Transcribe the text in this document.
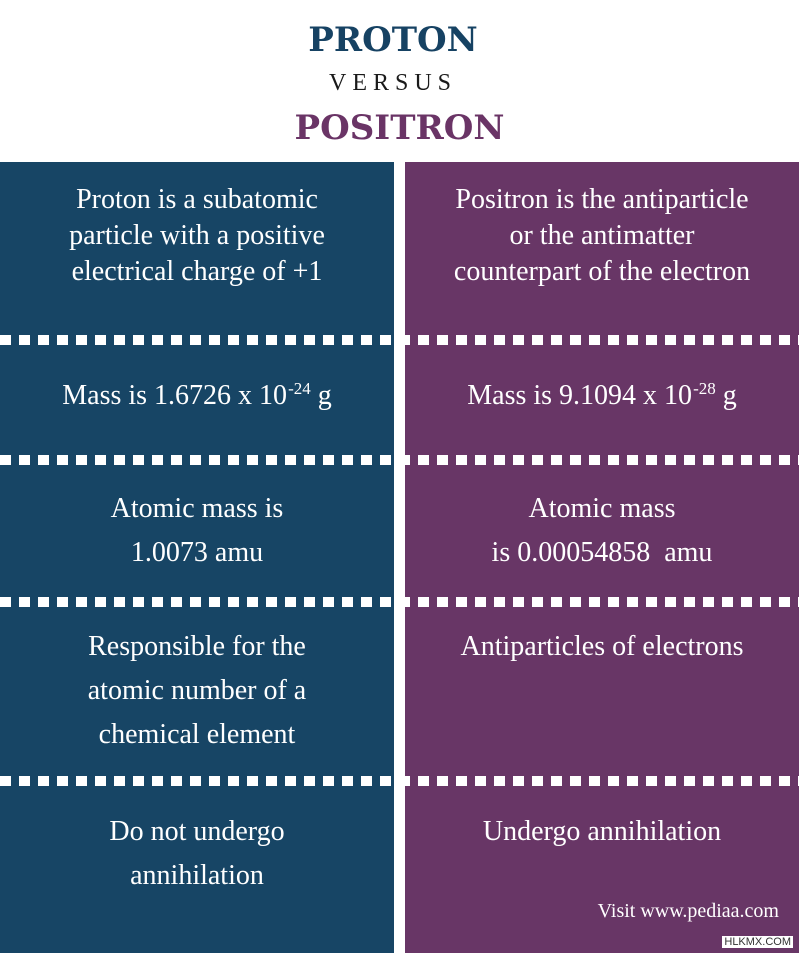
PROTON
VERSUS
POSITRON
Proton is a subatomic
particle with a positive
electrical charge of +1
Mass is 1.6726 x $10^{-24}$ g
Atomic mass is
1.0073 amu
Responsible for the
atomic number of a
chemical element
Do not undergo
annihilation
Positron is the antiparticle
or the antimatter
counterpart of the electron
Mass is 9.1094 x $10^{-28}$ g
Atomic mass
is 0.00054858  amu
Antiparticles of electrons
Undergo annihilation
Visit www.pediaa.com
HLKMX.COM
